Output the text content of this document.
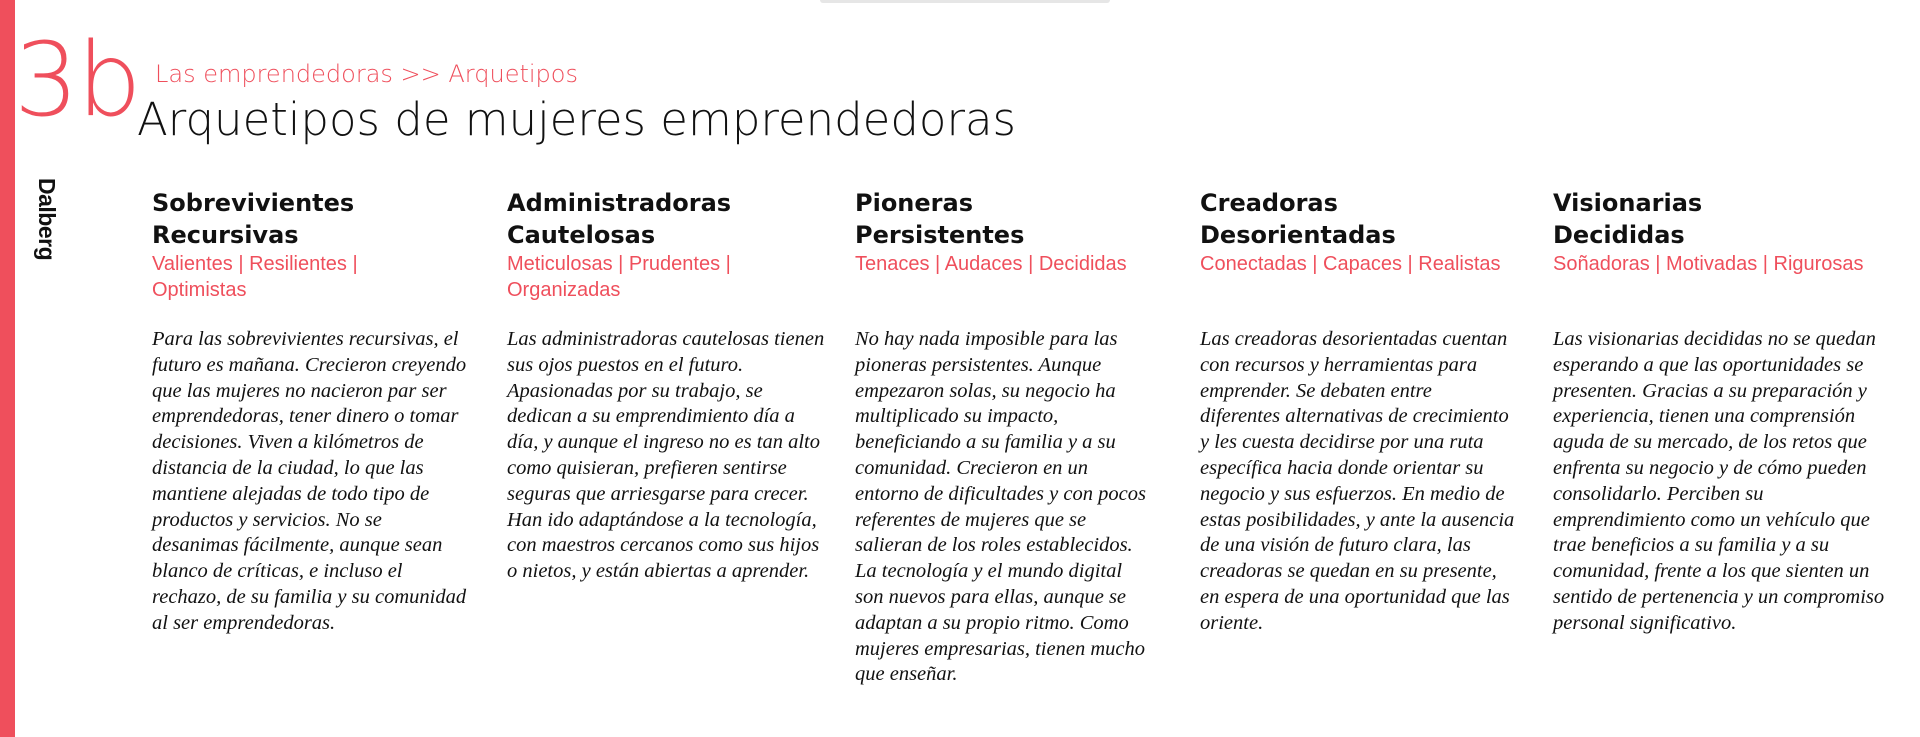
3b
Dalberg
Las emprendedoras >> Arquetipos
Arquetipos de mujeres emprendedoras
Sobrevivientes
Recursivas
Valientes | Resilientes | Optimistas

Para las sobrevivientes recursivas, el futuro es mañana. Crecieron creyendo que las mujeres no nacieron par ser emprendedoras, tener dinero o tomar decisiones. Viven a kilómetros de distancia de la ciudad, lo que las mantiene alejadas de todo tipo de productos y servicios. No se desanimas fácilmente, aunque sean blanco de críticas, e incluso el rechazo, de su familia y su comunidad al ser emprendedoras.

Administradoras
Cautelosas
Meticulosas | Prudentes | Organizadas

Las administradoras cautelosas tienen sus ojos puestos en el futuro. Apasionadas por su trabajo, se dedican a su emprendimiento día a día, y aunque el ingreso no es tan alto como quisieran, prefieren sentirse seguras que arriesgarse para crecer. Han ido adaptándose a la tecnología, con maestros cercanos como sus hijos o nietos, y están abiertas a aprender.

Pioneras
Persistentes
Tenaces | Audaces | Decididas

No hay nada imposible para las pioneras persistentes. Aunque empezaron solas, su negocio ha multiplicado su impacto, beneficiando a su familia y a su comunidad. Crecieron en un entorno de dificultades y con pocos referentes de mujeres que se salieran de los roles establecidos. La tecnología y el mundo digital son nuevos para ellas, aunque se adaptan a su propio ritmo. Como mujeres empresarias, tienen mucho que enseñar.

Creadoras
Desorientadas
Conectadas | Capaces | Realistas

Las creadoras desorientadas cuentan con recursos y herramientas para emprender. Se debaten entre diferentes alternativas de crecimiento y les cuesta decidirse por una ruta específica hacia donde orientar su negocio y sus esfuerzos. En medio de estas posibilidades, y ante la ausencia de una visión de futuro clara, las creadoras se quedan en su presente, en espera de una oportunidad que las oriente.

Visionarias
Decididas
Soñadoras | Motivadas | Rigurosas

Las visionarias decididas no se quedan esperando a que las oportunidades se presenten. Gracias a su preparación y experiencia, tienen una comprensión aguda de su mercado, de los retos que enfrenta su negocio y de cómo pueden consolidarlo. Perciben su emprendimiento como un vehículo que trae beneficios a su familia y a su comunidad, frente a los que sienten un sentido de pertenencia y un compromiso personal significativo.
